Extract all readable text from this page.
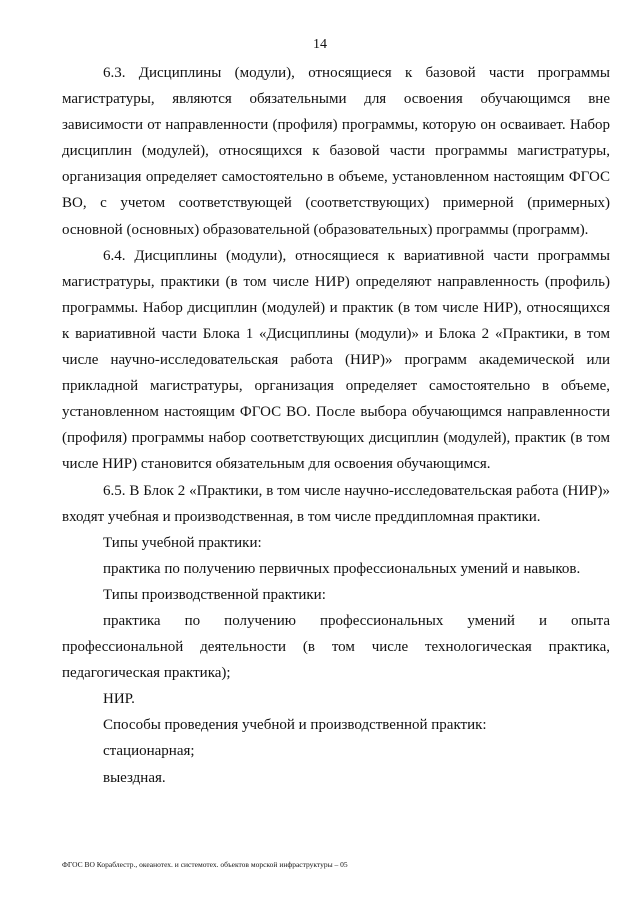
14

6.3. Дисциплины (модули), относящиеся к базовой части программы магистратуры, являются обязательными для освоения обучающимся вне зависимости от направленности (профиля) программы, которую он осваивает. Набор дисциплин (модулей), относящихся к базовой части программы магистратуры, организация определяет самостоятельно в объеме, установленном настоящим ФГОС ВО, с учетом соответствующей (соответствующих) примерной (примерных) основной (основных) образовательной (образовательных) программы (программ).

6.4. Дисциплины (модули), относящиеся к вариативной части программы магистратуры, практики (в том числе НИР) определяют направленность (профиль) программы. Набор дисциплин (модулей) и практик (в том числе НИР), относящихся к вариативной части Блока 1 «Дисциплины (модули)» и Блока 2 «Практики, в том числе научно-исследовательская работа (НИР)» программ академической или прикладной магистратуры, организация определяет самостоятельно в объеме, установленном настоящим ФГОС ВО. После выбора обучающимся направленности (профиля) программы набор соответствующих дисциплин (модулей), практик (в том числе НИР) становится обязательным для освоения обучающимся.

6.5. В Блок 2 «Практики, в том числе научно-исследовательская работа (НИР)» входят учебная и производственная, в том числе преддипломная практики.

Типы учебной практики:

практика по получению первичных профессиональных умений и навыков.

Типы производственной практики:

практика по получению профессиональных умений и опыта профессиональной деятельности (в том числе технологическая практика, педагогическая практика);

НИР.

Способы проведения учебной и производственной практик:

стационарная;

выездная.

ФГОС ВО Кораблестр., океанотех. и системотех. объектов морской инфраструктуры – 05
